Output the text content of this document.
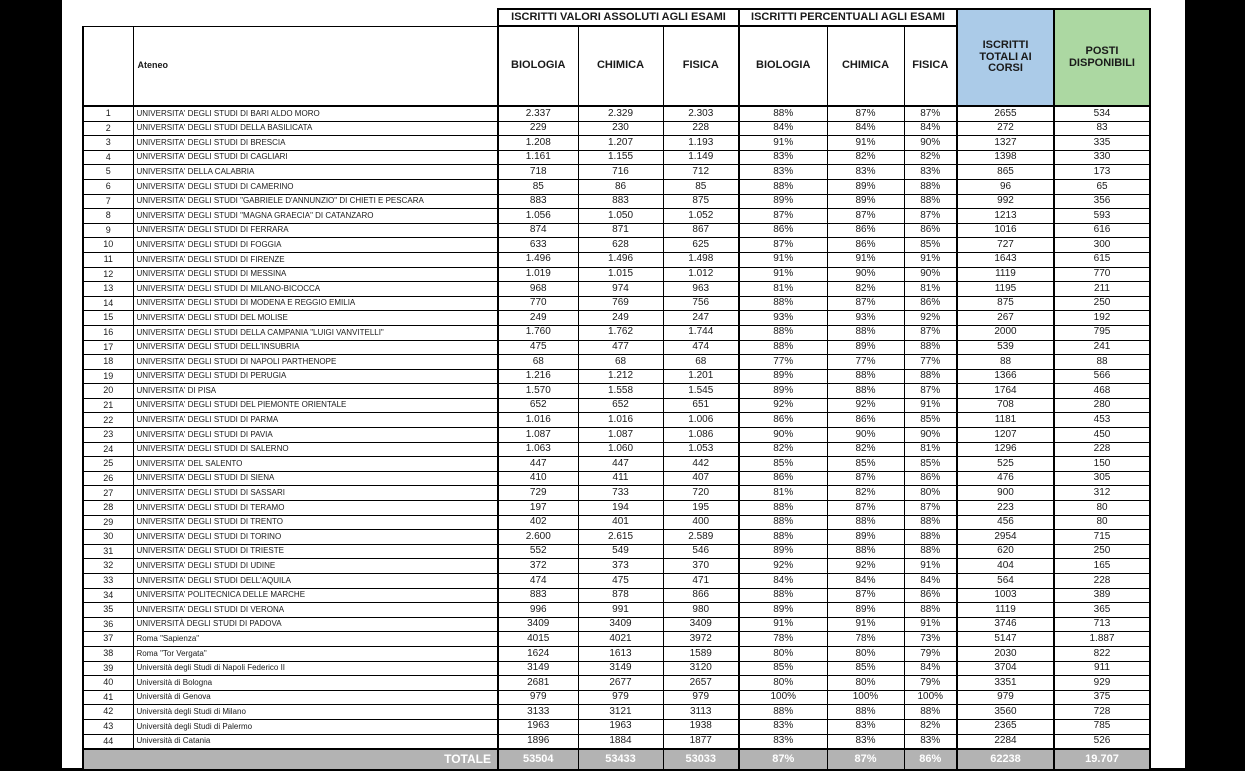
		ISCRITTI VALORI ASSOLUTI AGLI ESAMI			ISCRITTI PERCENTUALI AGLI ESAMI			ISCRITTI TOTALI AI CORSI	POSTI DISPONIBILI
	Ateneo	BIOLOGIA	CHIMICA	FISICA	BIOLOGIA	CHIMICA	FISICA		
1	UNIVERSITA' DEGLI STUDI DI BARI ALDO MORO	2.337	2.329	2.303	88%	87%	87%	2655	534
2	UNIVERSITA' DEGLI STUDI DELLA BASILICATA	229	230	228	84%	84%	84%	272	83
3	UNIVERSITA' DEGLI STUDI DI BRESCIA	1.208	1.207	1.193	91%	91%	90%	1327	335
4	UNIVERSITA' DEGLI STUDI DI CAGLIARI	1.161	1.155	1.149	83%	82%	82%	1398	330
5	UNIVERSITA' DELLA CALABRIA	718	716	712	83%	83%	83%	865	173
6	UNIVERSITA' DEGLI STUDI DI CAMERINO	85	86	85	88%	89%	88%	96	65
7	UNIVERSITA' DEGLI STUDI "GABRIELE D'ANNUNZIO" DI CHIETI E PESCARA	883	883	875	89%	89%	88%	992	356
8	UNIVERSITA' DEGLI STUDI "MAGNA GRAECIA" DI CATANZARO	1.056	1.050	1.052	87%	87%	87%	1213	593
9	UNIVERSITA' DEGLI STUDI DI FERRARA	874	871	867	86%	86%	86%	1016	616
10	UNIVERSITA' DEGLI STUDI DI FOGGIA	633	628	625	87%	86%	85%	727	300
11	UNIVERSITA' DEGLI STUDI DI FIRENZE	1.496	1.496	1.498	91%	91%	91%	1643	615
12	UNIVERSITA' DEGLI STUDI DI MESSINA	1.019	1.015	1.012	91%	90%	90%	1119	770
13	UNIVERSITA' DEGLI STUDI DI MILANO-BICOCCA	968	974	963	81%	82%	81%	1195	211
14	UNIVERSITA' DEGLI STUDI DI MODENA E REGGIO EMILIA	770	769	756	88%	87%	86%	875	250
15	UNIVERSITA' DEGLI STUDI DEL MOLISE	249	249	247	93%	93%	92%	267	192
16	UNIVERSITA' DEGLI STUDI DELLA CAMPANIA "LUIGI VANVITELLI"	1.760	1.762	1.744	88%	88%	87%	2000	795
17	UNIVERSITA' DEGLI STUDI DELL'INSUBRIA	475	477	474	88%	89%	88%	539	241
18	UNIVERSITA' DEGLI STUDI DI NAPOLI PARTHENOPE	68	68	68	77%	77%	77%	88	88
19	UNIVERSITA' DEGLI STUDI DI PERUGIA	1.216	1.212	1.201	89%	88%	88%	1366	566
20	UNIVERSITA' DI PISA	1.570	1.558	1.545	89%	88%	87%	1764	468
21	UNIVERSITA' DEGLI STUDI DEL PIEMONTE ORIENTALE	652	652	651	92%	92%	91%	708	280
22	UNIVERSITA' DEGLI STUDI DI PARMA	1.016	1.016	1.006	86%	86%	85%	1181	453
23	UNIVERSITA' DEGLI STUDI DI PAVIA	1.087	1.087	1.086	90%	90%	90%	1207	450
24	UNIVERSITA' DEGLI STUDI DI SALERNO	1.063	1.060	1.053	82%	82%	81%	1296	228
25	UNIVERSITA' DEL SALENTO	447	447	442	85%	85%	85%	525	150
26	UNIVERSITA' DEGLI STUDI DI SIENA	410	411	407	86%	87%	86%	476	305
27	UNIVERSITA' DEGLI STUDI DI SASSARI	729	733	720	81%	82%	80%	900	312
28	UNIVERSITA' DEGLI STUDI DI TERAMO	197	194	195	88%	87%	87%	223	80
29	UNIVERSITA' DEGLI STUDI DI TRENTO	402	401	400	88%	88%	88%	456	80
30	UNIVERSITA' DEGLI STUDI DI TORINO	2.600	2.615	2.589	88%	89%	88%	2954	715
31	UNIVERSITA' DEGLI STUDI DI TRIESTE	552	549	546	89%	88%	88%	620	250
32	UNIVERSITA' DEGLI STUDI DI UDINE	372	373	370	92%	92%	91%	404	165
33	UNIVERSITA' DEGLI STUDI DELL'AQUILA	474	475	471	84%	84%	84%	564	228
34	UNIVERSITA' POLITECNICA DELLE MARCHE	883	878	866	88%	87%	86%	1003	389
35	UNIVERSITA' DEGLI STUDI DI VERONA	996	991	980	89%	89%	88%	1119	365
36	UNIVERSITÀ DEGLI STUDI DI PADOVA	3409	3409	3409	91%	91%	91%	3746	713
37	Roma "Sapienza"	4015	4021	3972	78%	78%	73%	5147	1.887
38	Roma "Tor Vergata"	1624	1613	1589	80%	80%	79%	2030	822
39	Università degli Studi di Napoli Federico II	3149	3149	3120	85%	85%	84%	3704	911
40	Università di Bologna	2681	2677	2657	80%	80%	79%	3351	929
41	Università di Genova	979	979	979	100%	100%	100%	979	375
42	Università degli Studi di Milano	3133	3121	3113	88%	88%	88%	3560	728
43	Università degli Studi di Palermo	1963	1963	1938	83%	83%	82%	2365	785
44	Università di Catania	1896	1884	1877	83%	83%	83%	2284	526
TOTALE		53504	53433	53033	87%	87%	86%	62238	19.707
